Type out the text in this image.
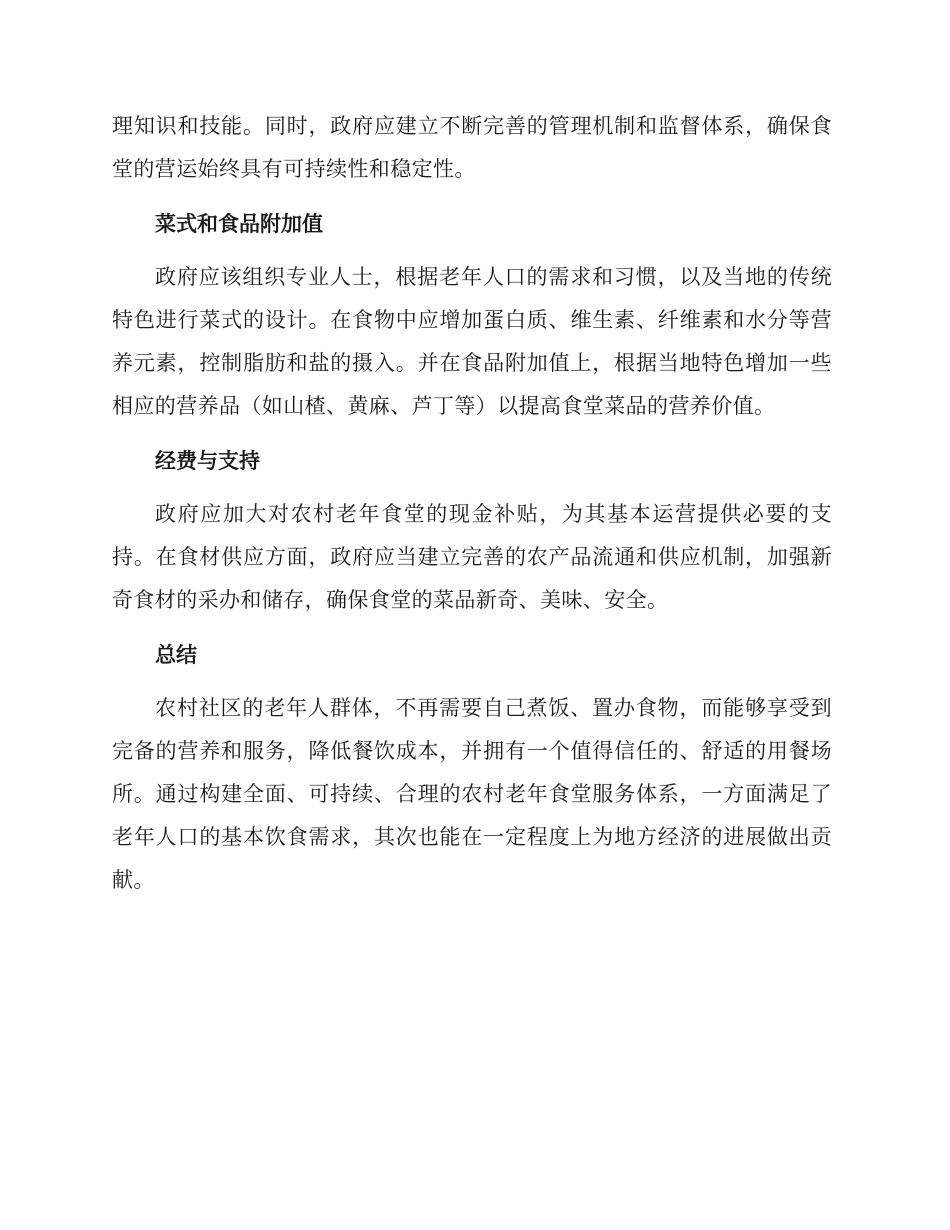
理知识和技能。同时，政府应建立不断完善的管理机制和监督体系，确保食堂的营运始终具有可持续性和稳定性。

菜式和食品附加值

政府应该组织专业人士，根据老年人口的需求和习惯，以及当地的传统特色进行菜式的设计。在食物中应增加蛋白质、维生素、纤维素和水分等营养元素，控制脂肪和盐的摄入。并在食品附加值上，根据当地特色增加一些相应的营养品（如山楂、黄麻、芦丁等）以提高食堂菜品的营养价值。

经费与支持

政府应加大对农村老年食堂的现金补贴，为其基本运营提供必要的支持。在食材供应方面，政府应当建立完善的农产品流通和供应机制，加强新奇食材的采办和储存，确保食堂的菜品新奇、美味、安全。

总结

农村社区的老年人群体，不再需要自己煮饭、置办食物，而能够享受到完备的营养和服务，降低餐饮成本，并拥有一个值得信任的、舒适的用餐场所。通过构建全面、可持续、合理的农村老年食堂服务体系，一方面满足了老年人口的基本饮食需求，其次也能在一定程度上为地方经济的进展做出贡献。
